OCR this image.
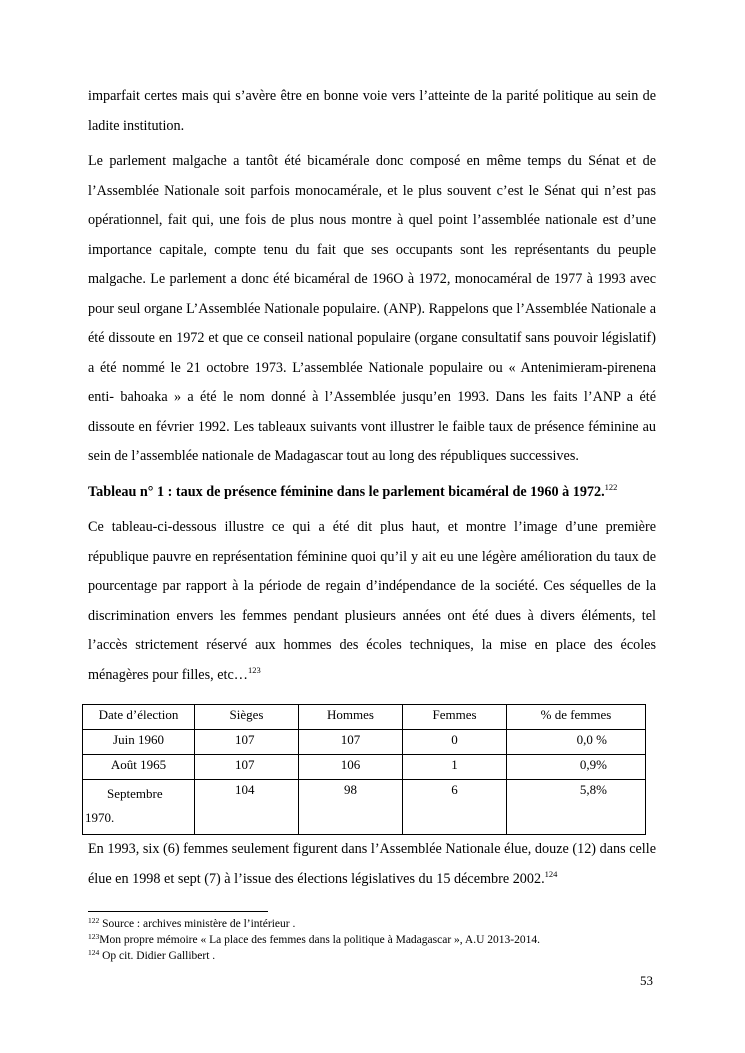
imparfait certes mais qui s’avère être en bonne voie vers l’atteinte de la parité politique au sein de ladite institution.

Le parlement malgache a tantôt été bicamérale donc composé en même temps du Sénat et de l’Assemblée Nationale soit parfois monocamérale, et le plus souvent c’est le Sénat qui n’est pas opérationnel, fait qui, une fois de plus nous montre à quel point l’assemblée nationale est d’une importance capitale, compte tenu du fait que ses occupants sont les représentants du peuple malgache. Le parlement a donc été bicaméral de 196O à 1972, monocaméral de 1977 à 1993 avec pour seul organe L’Assemblée Nationale populaire. (ANP). Rappelons que l’Assemblée Nationale a été dissoute en 1972 et que ce conseil national populaire (organe consultatif sans pouvoir législatif) a été nommé le 21 octobre 1973. L’assemblée Nationale populaire ou « Antenimieram-pirenena enti- bahoaka » a été le nom donné à l’Assemblée jusqu’en 1993. Dans les faits l’ANP a été dissoute en février 1992. Les tableaux suivants vont illustrer le faible taux de présence féminine au sein de l’assemblée nationale de Madagascar tout au long des républiques successives.

Tableau n° 1 : taux de présence féminine dans le parlement bicaméral de 1960 à 1972.$^{122}$

Ce tableau-ci-dessous illustre ce qui a été dit plus haut, et montre l’image d’une première république pauvre en représentation féminine quoi qu’il y ait eu une légère amélioration du taux de pourcentage par rapport à la période de regain d’indépendance de la société. Ces séquelles de la discrimination envers les femmes pendant plusieurs années ont été dues à divers éléments, tel l’accès strictement réservé aux hommes des écoles techniques, la mise en place des écoles ménagères pour filles, etc…$^{123}$

Date d’élection	Sièges	Hommes	Femmes	% de femmes
Juin 1960	107	107	0	0,0 %
Août 1965	107	106	1	0,9%
Septembre 1970.	104	98	6	5,8%

En 1993, six (6) femmes seulement figurent dans l’Assemblée Nationale élue, douze (12) dans celle élue en 1998 et sept (7) à l’issue des élections législatives du 15 décembre 2002.$^{124}$

$^{122}$ Source : archives ministère de l’intérieur .
$^{123}$Mon propre mémoire « La place des femmes dans la politique à Madagascar », A.U 2013-2014.
$^{124}$ Op cit. Didier Gallibert .
53
